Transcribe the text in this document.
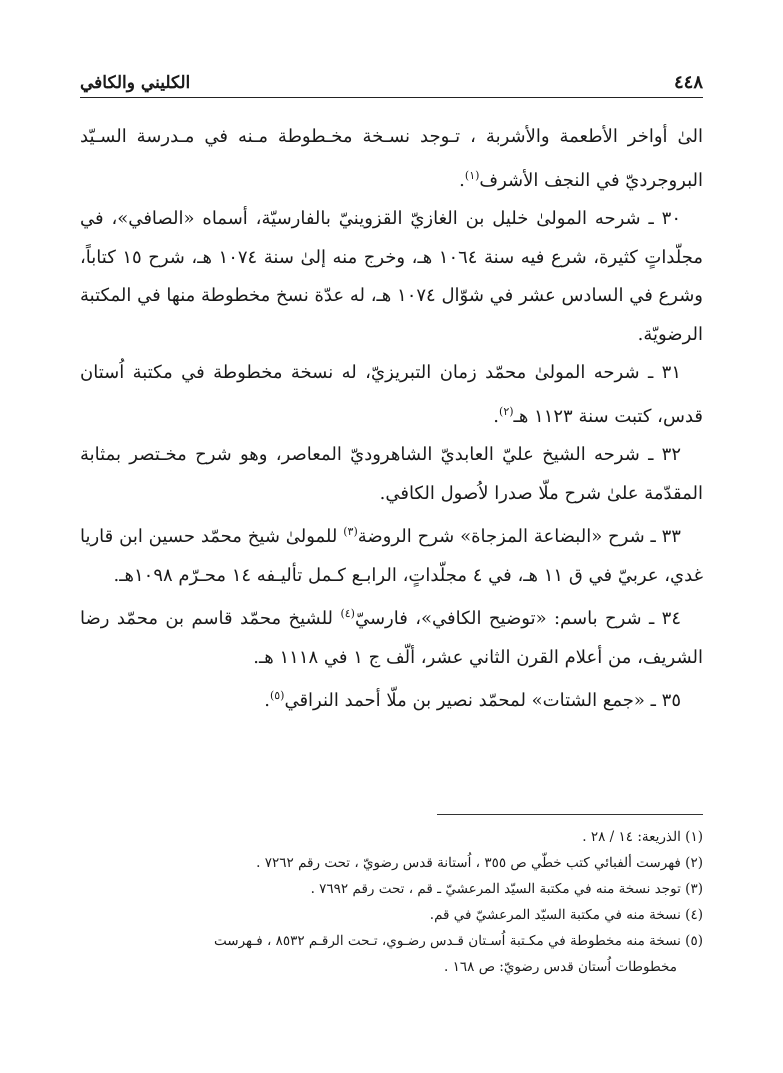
٤٤٨
الكليني والكافي

الىٰ أواخر الأطعمة والأشربة ، تـوجد نسـخة مخـطوطة مـنه في مـدرسة السـيّد البروجرديّ في النجف الأشرف$^{(١)}$.

٣٠ ـ شرحه المولىٰ خليل بن الغازيّ القزوينيّ بالفارسيّة، أسماه «الصافي»، في مجلّداتٍ كثيرة، شرع فيه سنة ١٠٦٤ هـ، وخرج منه إلىٰ سنة ١٠٧٤ هـ، شرح ١٥ كتاباً، وشرع في السادس عشر في شوّال ١٠٧٤ هـ، له عدّة نسخ مخطوطة منها في المكتبة الرضويّة.

٣١ ـ شرحه المولىٰ محمّد زمان التبريزيّ، له نسخة مخطوطة في مكتبة اُستان قدس، كتبت سنة ١١٢٣ هـ$^{(٢)}$.

٣٢ ـ شرحه الشيخ عليّ العابديّ الشاهروديّ المعاصر، وهو شرح مخـتصر بمثابة المقدّمة علىٰ شرح ملّا صدرا لاُصول الكافي.

٣٣ ـ شرح «البضاعة المزجاة» شرح الروضة$^{(٣)}$ للمولىٰ شيخ محمّد حسين ابن قاريا غدي، عربيّ في ق ١١ هـ، في ٤ مجلّداتٍ، الرابـع كـمل تأليـفه ١٤ محـرّم ١٠٩٨هـ.

٣٤ ـ شرح باسم: «توضيح الكافي»، فارسيّ$^{(٤)}$ للشيخ محمّد قاسم بن محمّد رضا الشريف، من أعلام القرن الثاني عشر، ألّف ج ١ في ١١١٨ هـ.

٣٥ ـ «جمع الشتات» لمحمّد نصير بن ملّا أحمد النراقي$^{(٥)}$.

(١) الذريعة: ١٤ / ٢٨ .
(٢) فهرست ألفبائي كتب خطّي ص ٣٥٥ ، اُستانة قدس رضويّ ، تحت رقم ٧٢٦٢ .
(٣) توجد نسخة منه في مكتبة السيّد المرعشيّ ـ قم ، تحت رقم ٧٦٩٢ .
(٤) نسخة منه في مكتبة السيّد المرعشيّ في قم.
(٥) نسخة منه مخطوطة في مكـتبة اُسـتان قـدس رضـوي، تـحت الرقـم ٨٥٣٢ ، فـهرست
مخطوطات اُستان قدس رضويّ: ص ١٦٨ .
